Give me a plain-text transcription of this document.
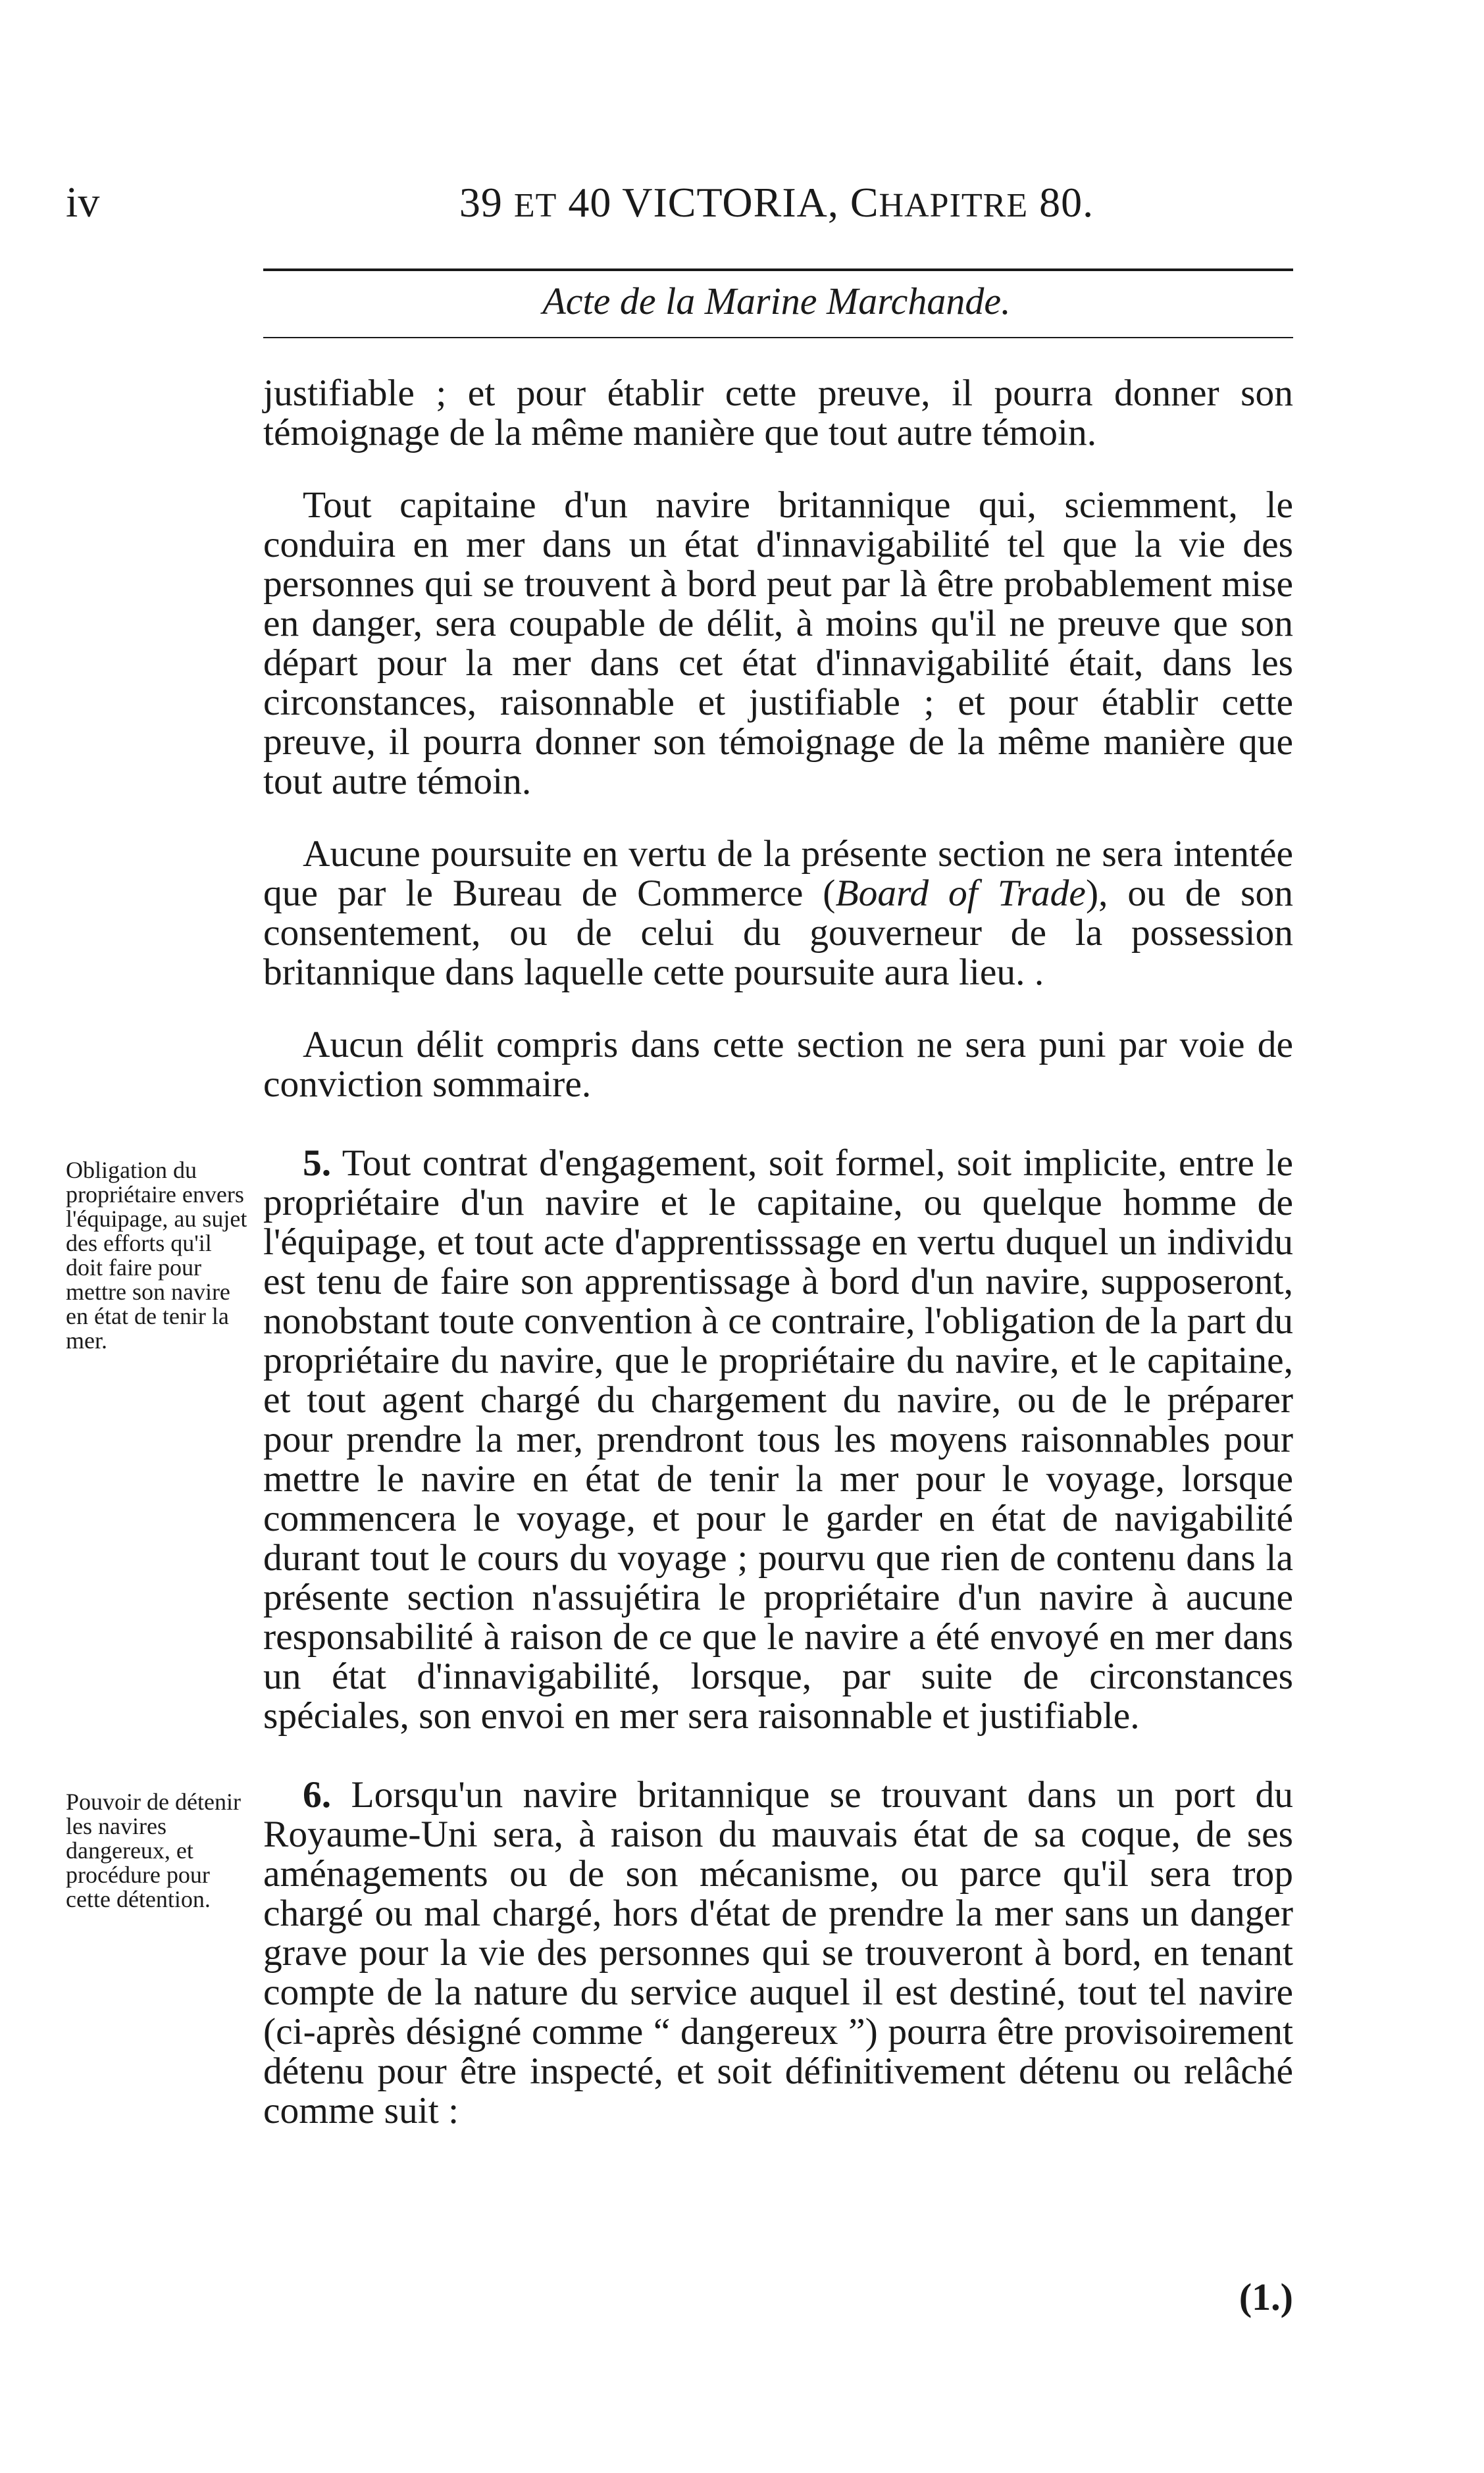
iv	39 ET 40 VICTORIA, CHAPITRE 80.
Acte de la Marine Marchande.

justifiable ; et pour établir cette preuve, il pourra donner son témoignage de la même manière que tout autre témoin.

Tout capitaine d'un navire britannique qui, sciemment, le conduira en mer dans un état d'innavigabilité tel que la vie des personnes qui se trouvent à bord peut par là être probablement mise en danger, sera coupable de délit, à moins qu'il ne preuve que son départ pour la mer dans cet état d'innavigabilité était, dans les circonstances, raisonnable et justifiable ; et pour établir cette preuve, il pourra donner son témoignage de la même manière que tout autre témoin.

Aucune poursuite en vertu de la présente section ne sera intentée que par le Bureau de Commerce (Board of Trade), ou de son consentement, ou de celui du gouverneur de la possession britannique dans laquelle cette poursuite aura lieu. .

Aucun délit compris dans cette section ne sera puni par voie de conviction sommaire.

Obligation du propriétaire envers l'équipage, au sujet des efforts qu'il doit faire pour mettre son navire en état de tenir la mer.

5. Tout contrat d'engagement, soit formel, soit implicite, entre le propriétaire d'un navire et le capitaine, ou quelque homme de l'équipage, et tout acte d'apprentisssage en vertu duquel un individu est tenu de faire son apprentissage à bord d'un navire, supposeront, nonobstant toute convention à ce contraire, l'obligation de la part du propriétaire du navire, que le propriétaire du navire, et le capitaine, et tout agent chargé du chargement du navire, ou de le préparer pour prendre la mer, prendront tous les moyens raisonnables pour mettre le navire en état de tenir la mer pour le voyage, lorsque commencera le voyage, et pour le garder en état de navigabilité durant tout le cours du voyage ; pourvu que rien de contenu dans la présente section n'assujétira le propriétaire d'un navire à aucune responsabilité à raison de ce que le navire a été envoyé en mer dans un état d'innavigabilité, lorsque, par suite de circonstances spéciales, son envoi en mer sera raisonnable et justifiable.

Pouvoir de détenir les navires dangereux, et procédure pour cette détention.

6. Lorsqu'un navire britannique se trouvant dans un port du Royaume-Uni sera, à raison du mauvais état de sa coque, de ses aménagements ou de son mécanisme, ou parce qu'il sera trop chargé ou mal chargé, hors d'état de prendre la mer sans un danger grave pour la vie des personnes qui se trouveront à bord, en tenant compte de la nature du service auquel il est destiné, tout tel navire (ci-après désigné comme “ dangereux ”) pourra être provisoirement détenu pour être inspecté, et soit définitivement détenu ou relâché comme suit :

(1.)
